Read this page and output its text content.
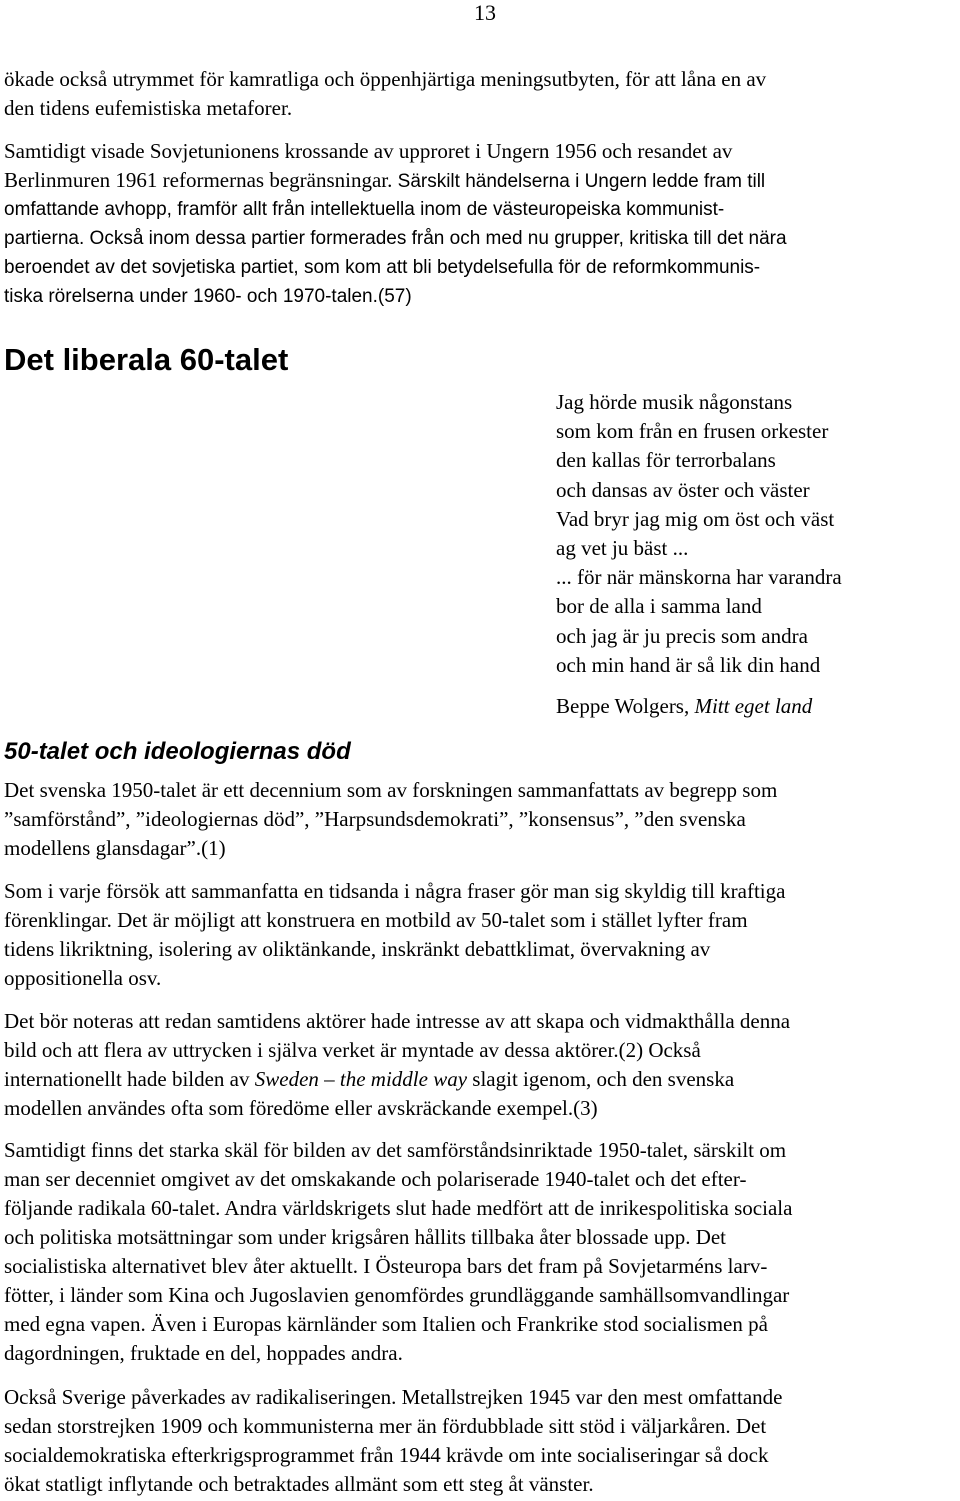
13
ökade också utrymmet för kamratliga och öppenhjärtiga meningsutbyten, för att låna en av
den tidens eufemistiska metaforer.
Samtidigt visade Sovjetunionens krossande av upproret i Ungern 1956 och resandet av
Berlinmuren 1961 reformernas begränsningar. Särskilt händelserna i Ungern ledde fram till
omfattande avhopp, framför allt från intellektuella inom de västeuropeiska kommunist-
partierna. Också inom dessa partier formerades från och med nu grupper, kritiska till det nära
beroendet av det sovjetiska partiet, som kom att bli betydelsefulla för de reformkommunis-
tiska rörelserna under 1960- och 1970-talen.(57)
Det liberala 60-talet
Jag hörde musik någonstans
som kom från en frusen orkester
den kallas för terrorbalans
och dansas av öster och väster
Vad bryr jag mig om öst och väst
ag vet ju bäst ...
... för när mänskorna har varandra
bor de alla i samma land
och jag är ju precis som andra
och min hand är så lik din hand
Beppe Wolgers, Mitt eget land
50-talet och ideologiernas död
Det svenska 1950-talet är ett decennium som av forskningen sammanfattats av begrepp som
”samförstånd”, ”ideologiernas död”, ”Harpsundsdemokrati”, ”konsensus”, ”den svenska
modellens glansdagar”.(1)
Som i varje försök att sammanfatta en tidsanda i några fraser gör man sig skyldig till kraftiga
förenklingar. Det är möjligt att konstruera en motbild av 50-talet som i stället lyfter fram
tidens likriktning, isolering av oliktänkande, inskränkt debattklimat, övervakning av
oppositionella osv.
Det bör noteras att redan samtidens aktörer hade intresse av att skapa och vidmakthålla denna
bild och att flera av uttrycken i själva verket är myntade av dessa aktörer.(2) Också
internationellt hade bilden av Sweden – the middle way slagit igenom, och den svenska
modellen användes ofta som föredöme eller avskräckande exempel.(3)
Samtidigt finns det starka skäl för bilden av det samförståndsinriktade 1950-talet, särskilt om
man ser decenniet omgivet av det omskakande och polariserade 1940-talet och det efter-
följande radikala 60-talet. Andra världskrigets slut hade medfört att de inrikespolitiska sociala
och politiska motsättningar som under krigsåren hållits tillbaka åter blossade upp. Det
socialistiska alternativet blev åter aktuellt. I Östeuropa bars det fram på Sovjetarméns larv-
fötter, i länder som Kina och Jugoslavien genomfördes grundläggande samhällsomvandlingar
med egna vapen. Även i Europas kärnländer som Italien och Frankrike stod socialismen på
dagordningen, fruktade en del, hoppades andra.
Också Sverige påverkades av radikaliseringen. Metallstrejken 1945 var den mest omfattande
sedan storstrejken 1909 och kommunisterna mer än fördubblade sitt stöd i väljarkåren. Det
socialdemokratiska efterkrigsprogrammet från 1944 krävde om inte socialiseringar så dock
ökat statligt inflytande och betraktades allmänt som ett steg åt vänster.
